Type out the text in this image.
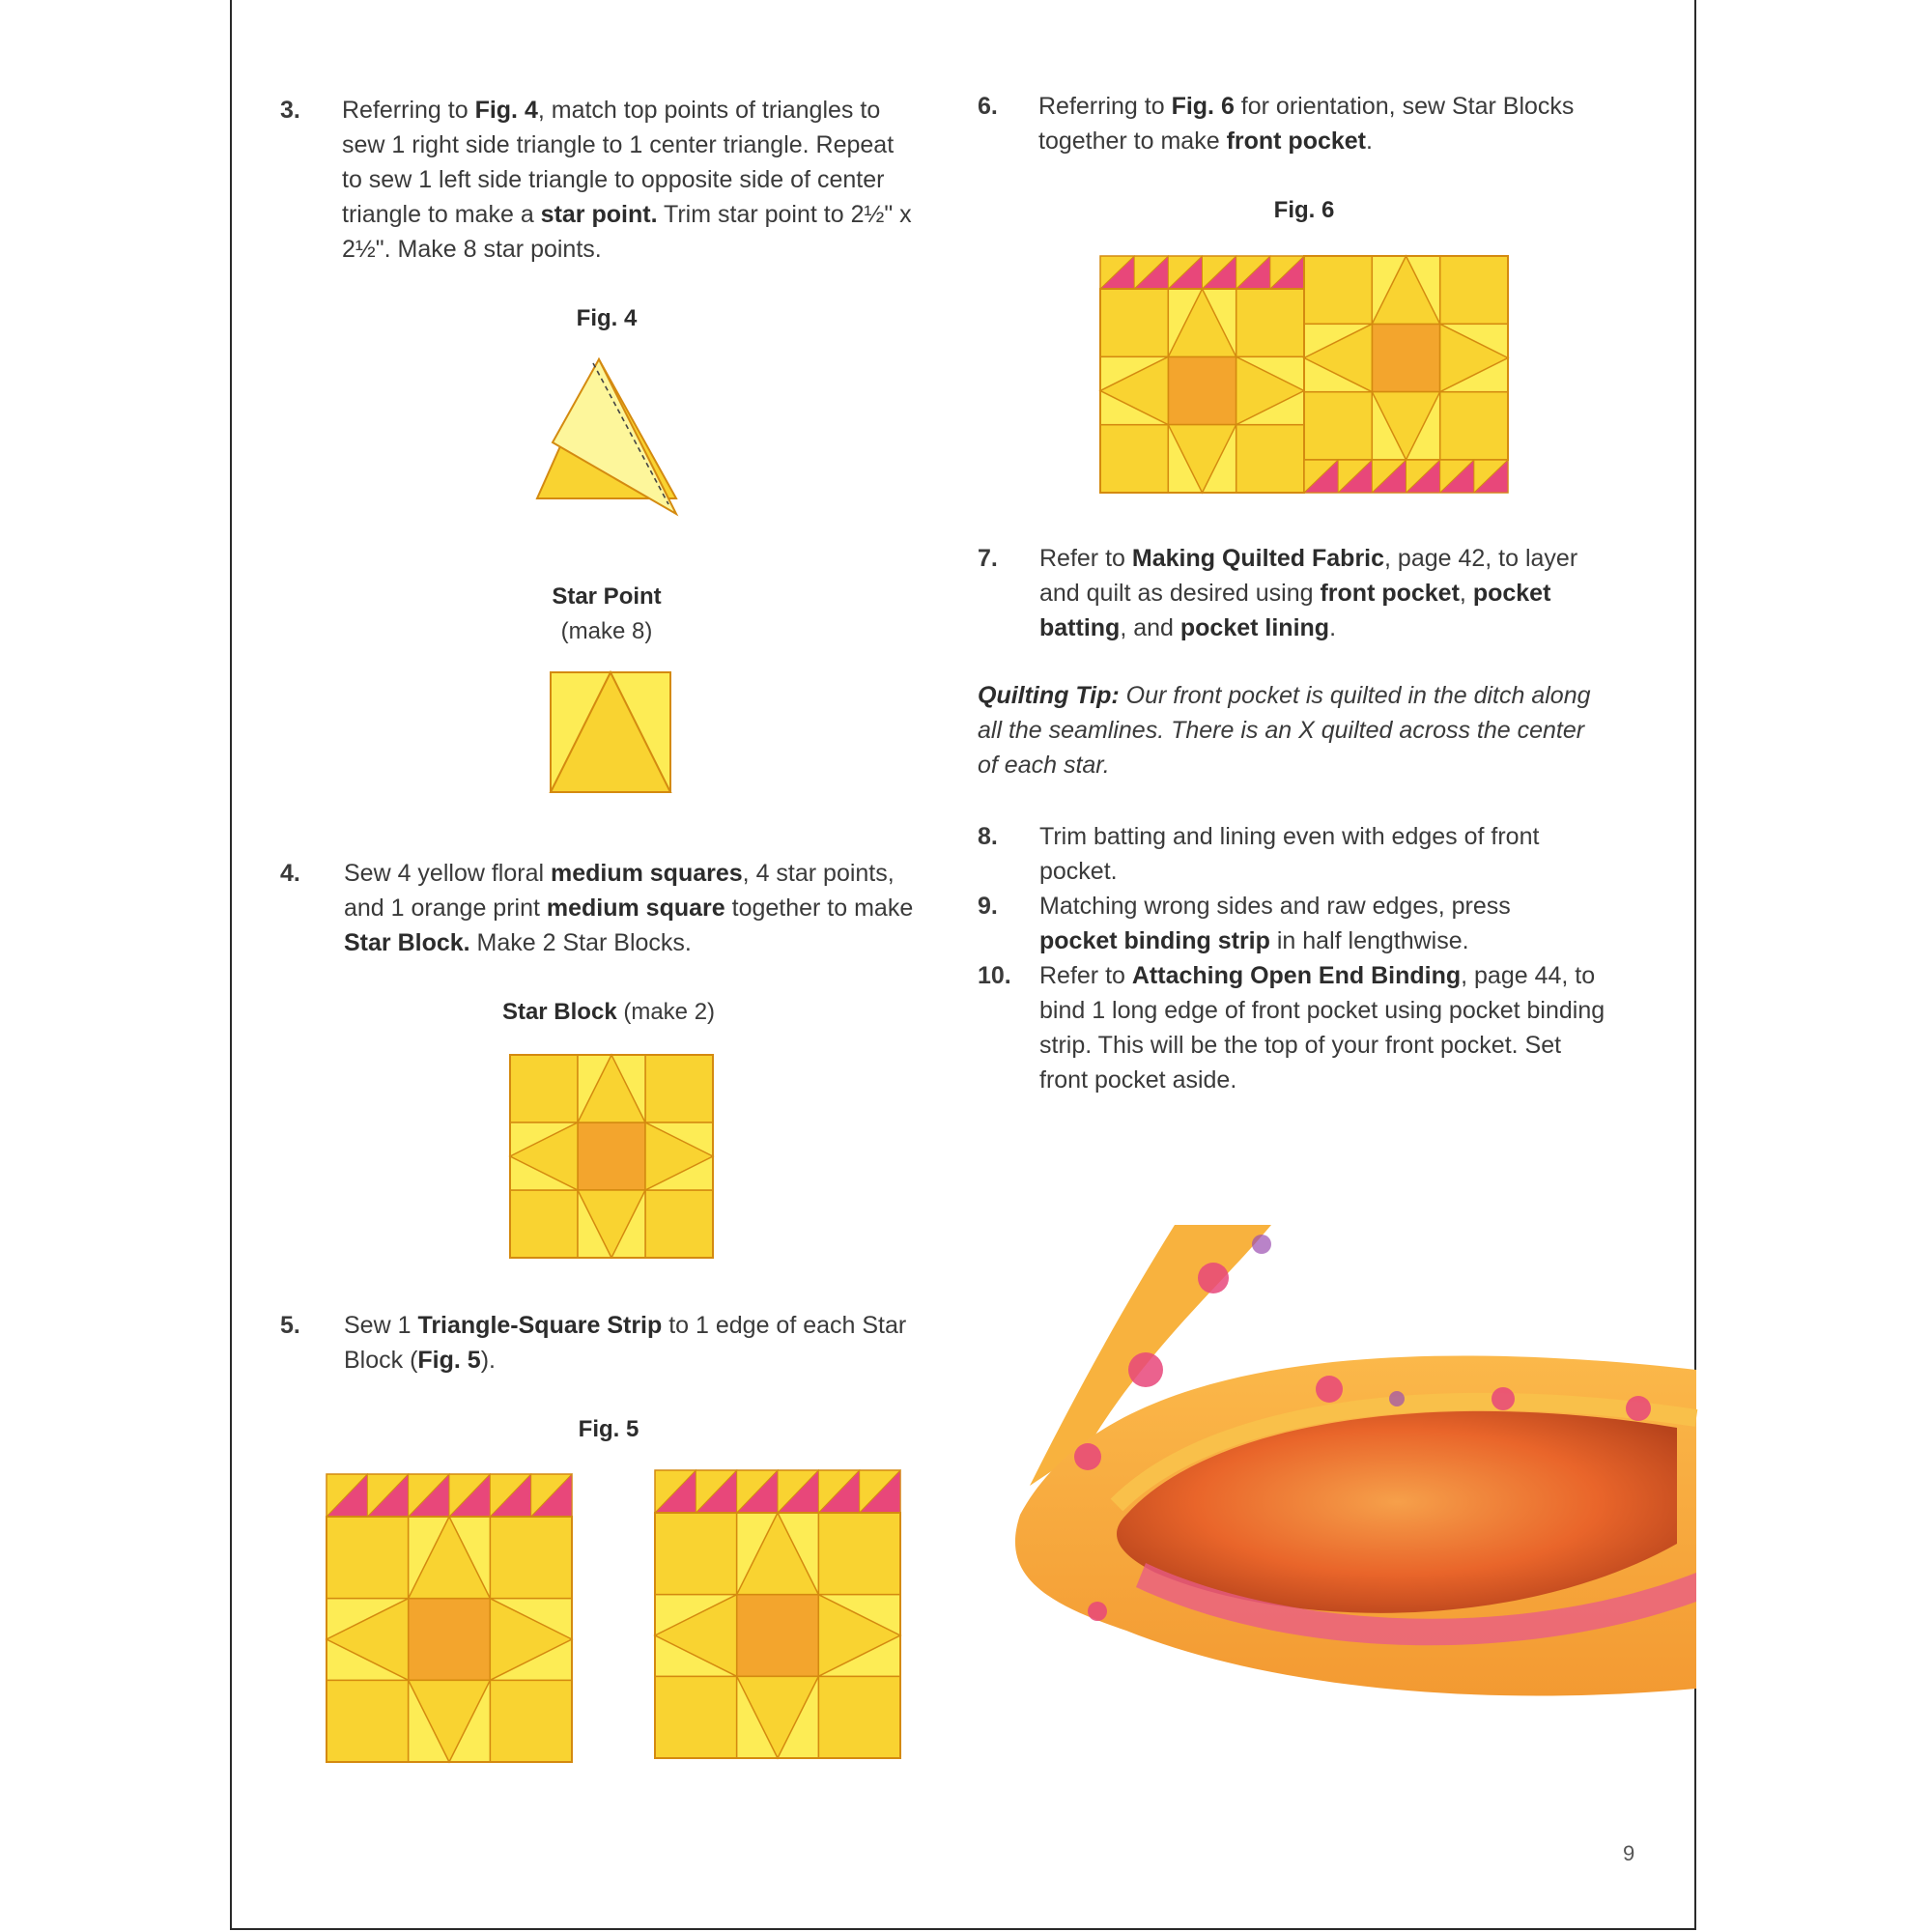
3. Referring to Fig. 4, match top points of triangles to sew 1 right side triangle to 1 center triangle. Repeat to sew 1 left side triangle to opposite side of center triangle to make a star point. Trim star point to 2½" x 2½". Make 8 star points.
Fig. 4
Star Point
(make 8)
4. Sew 4 yellow floral medium squares, 4 star points, and 1 orange print medium square together to make Star Block. Make 2 Star Blocks.
Star Block (make 2)
5. Sew 1 Triangle-Square Strip to 1 edge of each Star Block (Fig. 5).
Fig. 5
6. Referring to Fig. 6 for orientation, sew Star Blocks together to make front pocket.
Fig. 6
7. Refer to Making Quilted Fabric, page 42, to layer and quilt as desired using front pocket, pocket batting, and pocket lining.
Quilting Tip: Our front pocket is quilted in the ditch along all the seamlines. There is an X quilted across the center of each star.
8. Trim batting and lining even with edges of front pocket.
9. Matching wrong sides and raw edges, press pocket binding strip in half lengthwise.
10. Refer to Attaching Open End Binding, page 44, to bind 1 long edge of front pocket using pocket binding strip. This will be the top of your front pocket. Set front pocket aside.
9
